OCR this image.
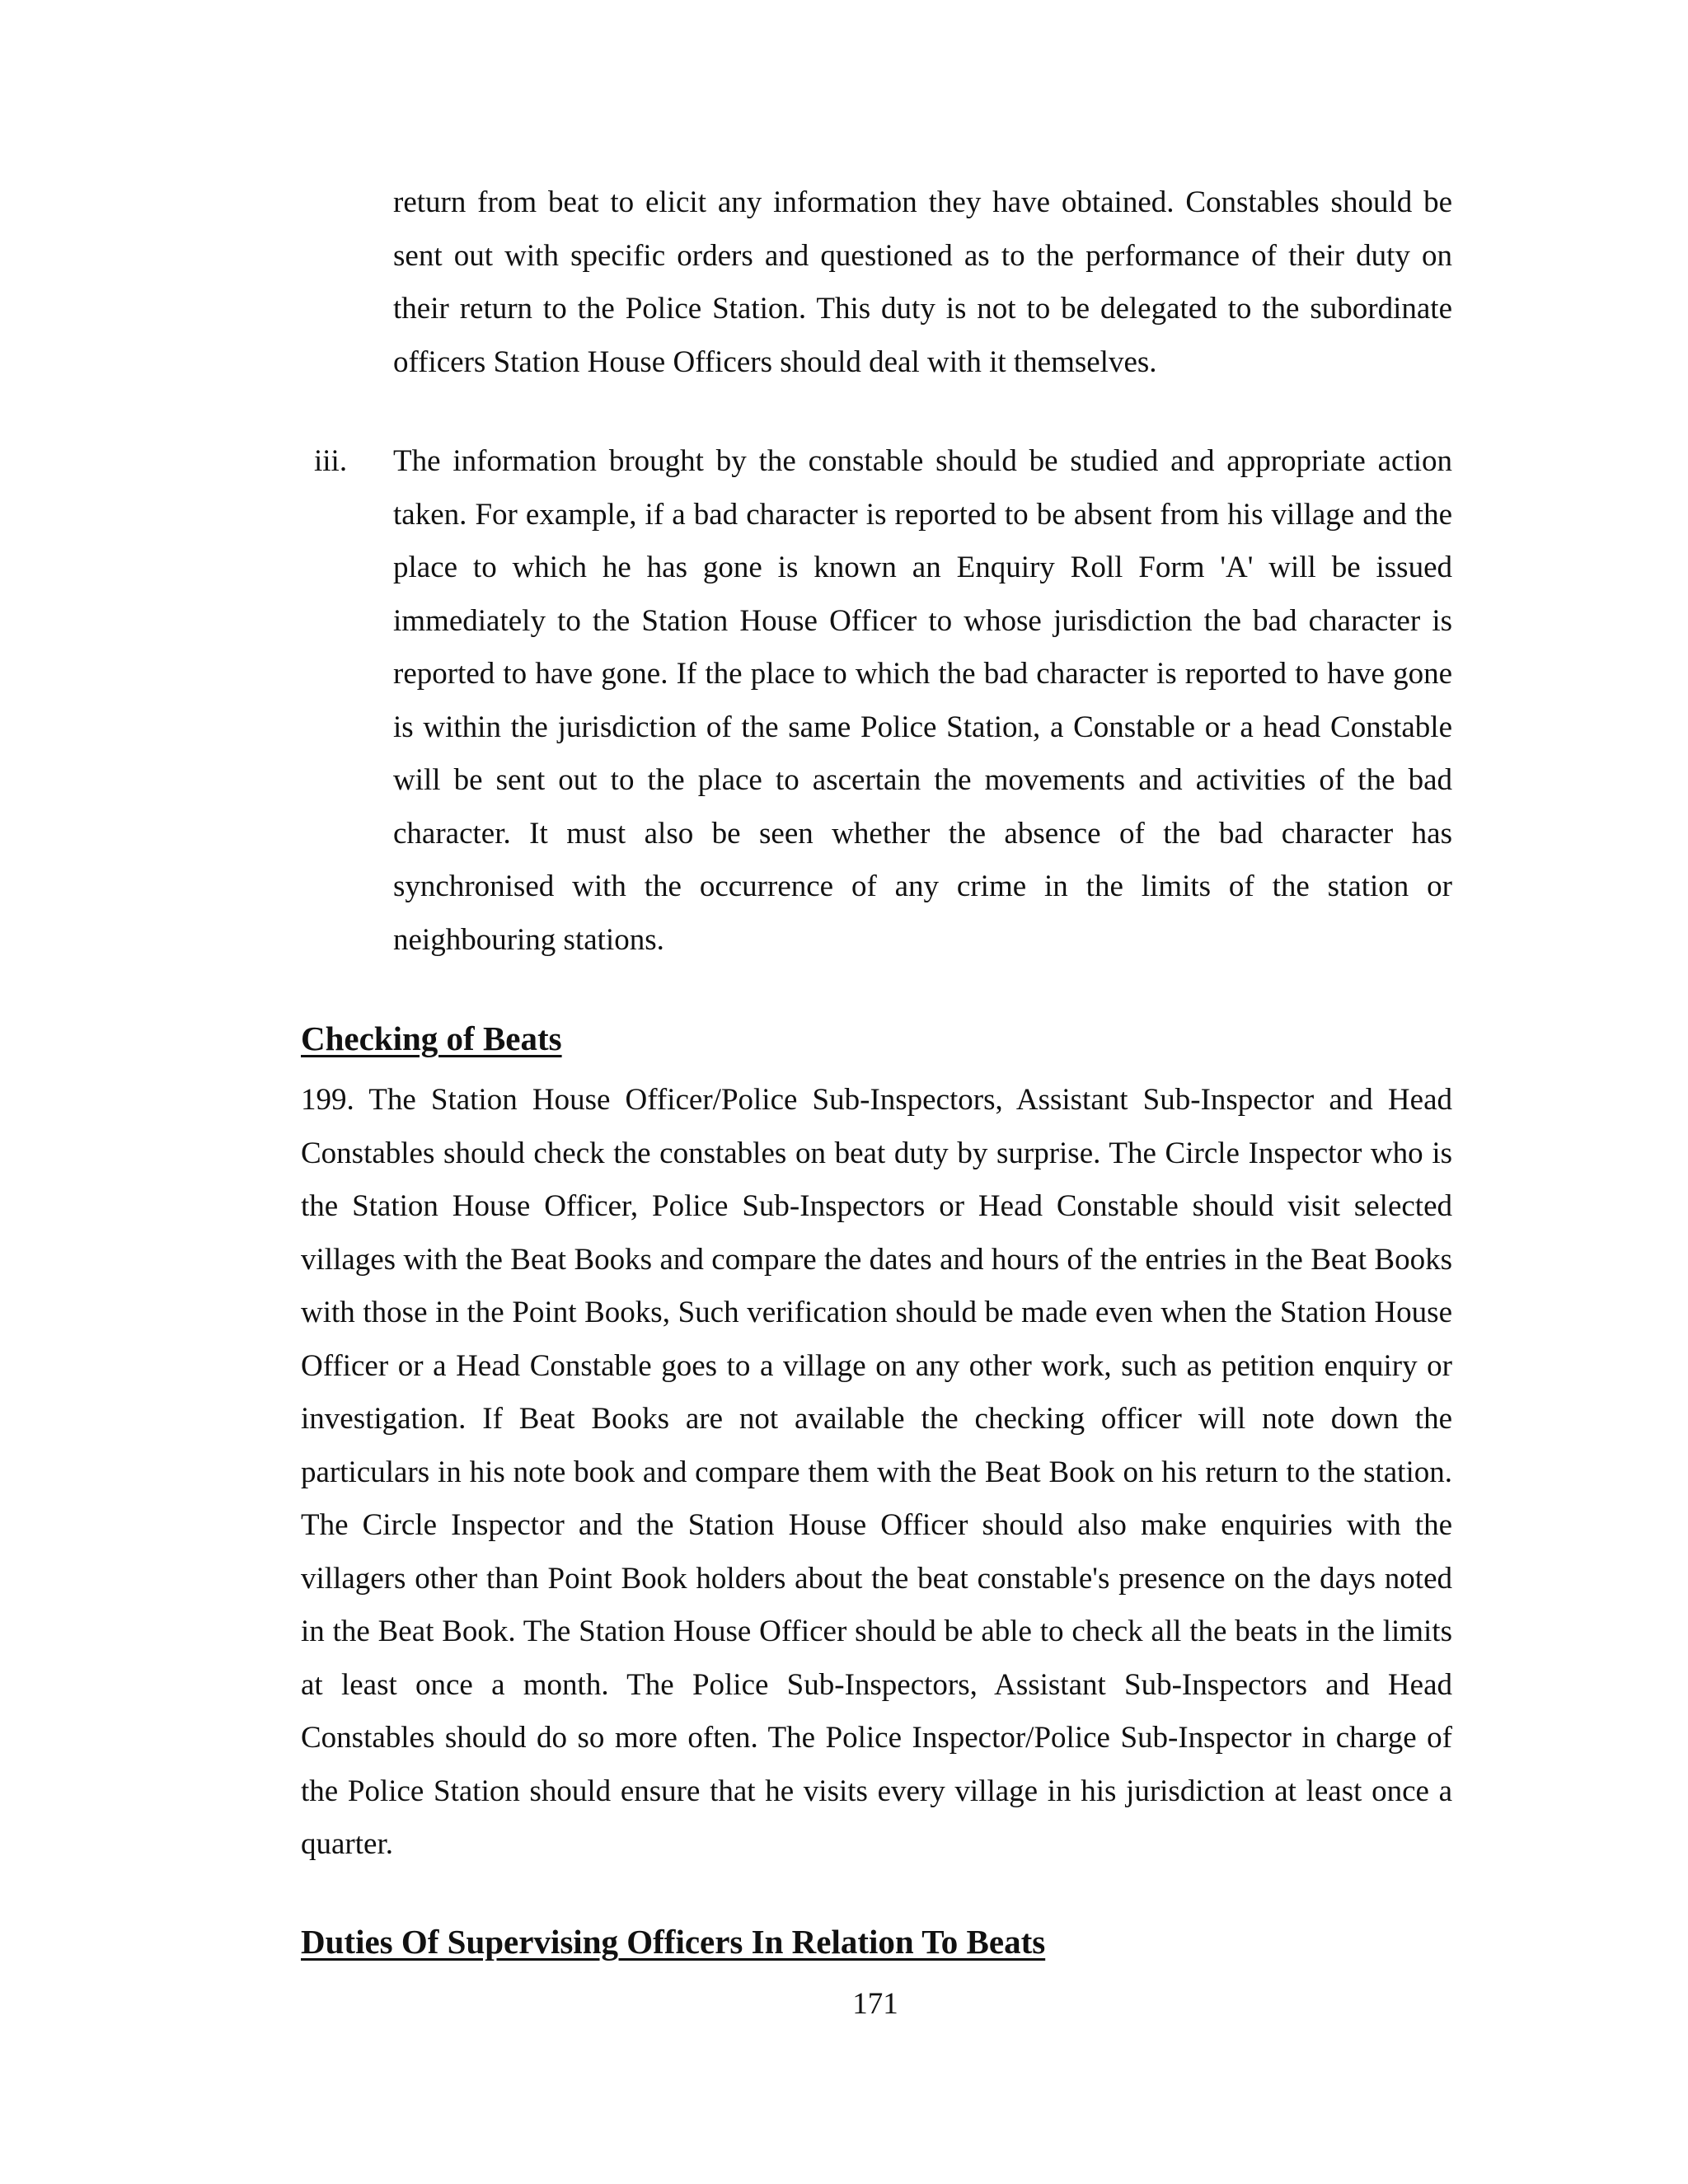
return from beat to elicit any information they have obtained. Constables should be sent out with specific orders and questioned as to the performance of their duty on their return to the Police Station. This duty is not to be delegated to the subordinate officers Station House Officers should deal with it themselves.
iii. The information brought by the constable should be studied and appropriate action taken. For example, if a bad character is reported to be absent from his village and the place to which he has gone is known an Enquiry Roll Form 'A' will be issued immediately to the Station House Officer to whose jurisdiction the bad character is reported to have gone. If the place to which the bad character is reported to have gone is within the jurisdiction of the same Police Station, a Constable or a head Constable will be sent out to the place to ascertain the movements and activities of the bad character. It must also be seen whether the absence of the bad character has synchronised with the occurrence of any crime in the limits of the station or neighbouring stations.
Checking of Beats
199. The Station House Officer/Police Sub-Inspectors, Assistant Sub-Inspector and Head Constables should check the constables on beat duty by surprise. The Circle Inspector who is the Station House Officer, Police Sub-Inspectors or Head Constable should visit selected villages with the Beat Books and compare the dates and hours of the entries in the Beat Books with those in the Point Books, Such verification should be made even when the Station House Officer or a Head Constable goes to a village on any other work, such as petition enquiry or investigation. If Beat Books are not available the checking officer will note down the particulars in his note book and compare them with the Beat Book on his return to the station. The Circle Inspector and the Station House Officer should also make enquiries with the villagers other than Point Book holders about the beat constable's presence on the days noted in the Beat Book. The Station House Officer should be able to check all the beats in the limits at least once a month. The Police Sub-Inspectors, Assistant Sub-Inspectors and Head Constables should do so more often. The Police Inspector/Police Sub-Inspector in charge of the Police Station should ensure that he visits every village in his jurisdiction at least once a quarter.
Duties Of Supervising Officers In Relation To Beats
171
